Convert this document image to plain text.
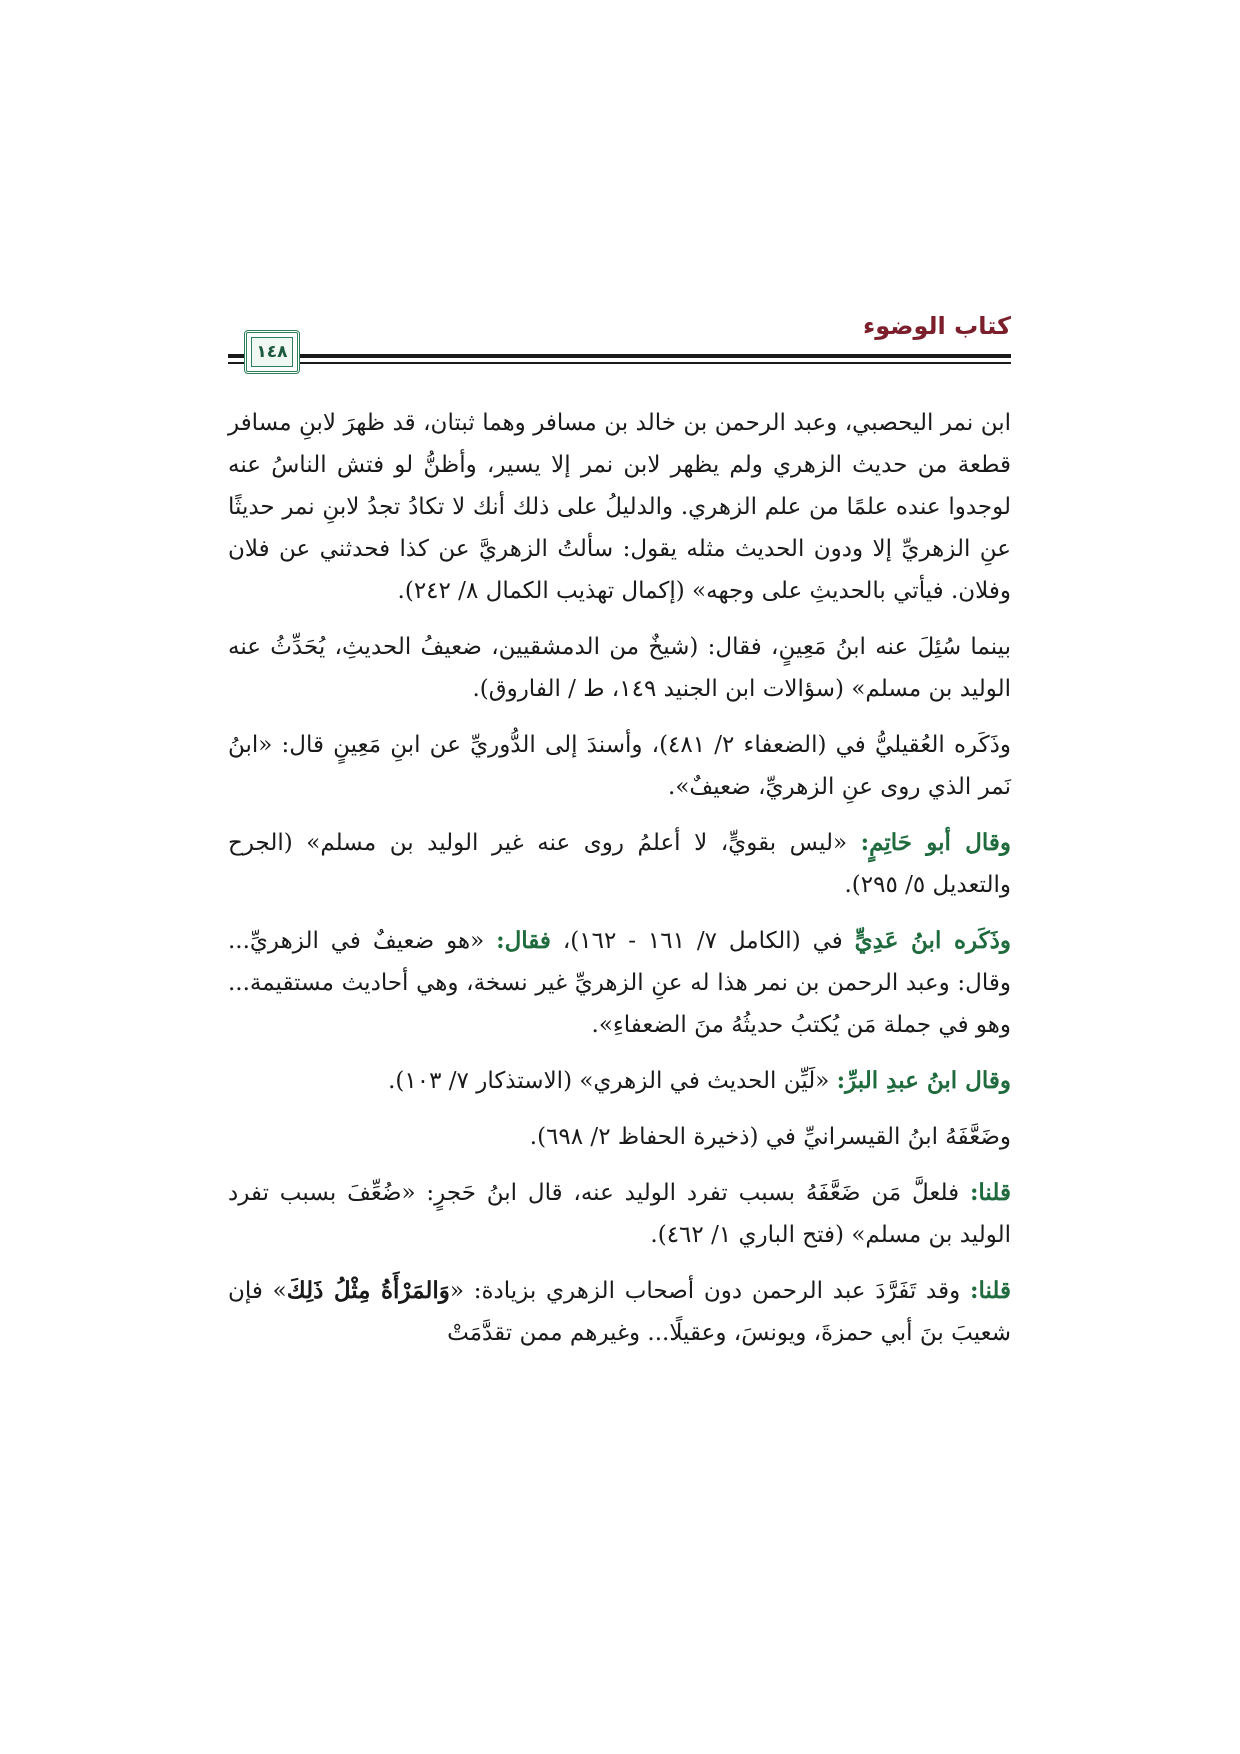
كتاب الوضوء
١٤٨

ابن نمر اليحصبي، وعبد الرحمن بن خالد بن مسافر وهما ثبتان، قد ظهرَ لابنِ مسافر قطعة من حديث الزهري ولم يظهر لابن نمر إلا يسير، وأظنُّ لو فتش الناسُ عنه لوجدوا عنده علمًا من علم الزهري. والدليلُ على ذلك أنك لا تكادُ تجدُ لابنِ نمر حديثًا عنِ الزهريِّ إلا ودون الحديث مثله يقول: سألتُ الزهريَّ عن كذا فحدثني عن فلان وفلان. فيأتي بالحديثِ على وجهه» (إكمال تهذيب الكمال ٨/ ٢٤٢).

بينما سُئِلَ عنه ابنُ مَعِينٍ، فقال: (شيخٌ من الدمشقيين، ضعيفُ الحديثِ، يُحَدِّثُ عنه الوليد بن مسلم» (سؤالات ابن الجنيد ١٤٩، ط / الفاروق).

وذَكَره العُقيليُّ في (الضعفاء ٢/ ٤٨١)، وأسندَ إلى الدُّوريِّ عن ابنِ مَعِينٍ قال: «ابنُ نَمر الذي روى عنِ الزهريِّ، ضعيفٌ».

وقال أبو حَاتِمٍ: «ليس بقويٍّ، لا أعلمُ روى عنه غير الوليد بن مسلم» (الجرح والتعديل ٥/ ٢٩٥).

وذَكَره ابنُ عَدِيٍّ في (الكامل ٧/ ١٦١ - ١٦٢)، فقال: «هو ضعيفٌ في الزهريِّ... وقال: وعبد الرحمن بن نمر هذا له عنِ الزهريِّ غير نسخة، وهي أحاديث مستقيمة... وهو في جملة مَن يُكتبُ حديثُهُ منَ الضعفاءِ».

وقال ابنُ عبدِ البرِّ: «لَيِّن الحديث في الزهري» (الاستذكار ٧/ ١٠٣).

وضَعَّفَهُ ابنُ القيسرانيِّ في (ذخيرة الحفاظ ٢/ ٦٩٨).

قلنا: فلعلَّ مَن ضَعَّفَهُ بسبب تفرد الوليد عنه، قال ابنُ حَجرٍ: «ضُعِّفَ بسبب تفرد الوليد بن مسلم» (فتح الباري ١/ ٤٦٢).

قلنا: وقد تَفَرَّدَ عبد الرحمن دون أصحاب الزهري بزيادة: «وَالمَرْأَةُ مِثْلُ ذَلِكَ» فإن شعيبَ بنَ أبي حمزةَ، ويونسَ، وعقيلًا... وغيرهم ممن تقدَّمَتْ
